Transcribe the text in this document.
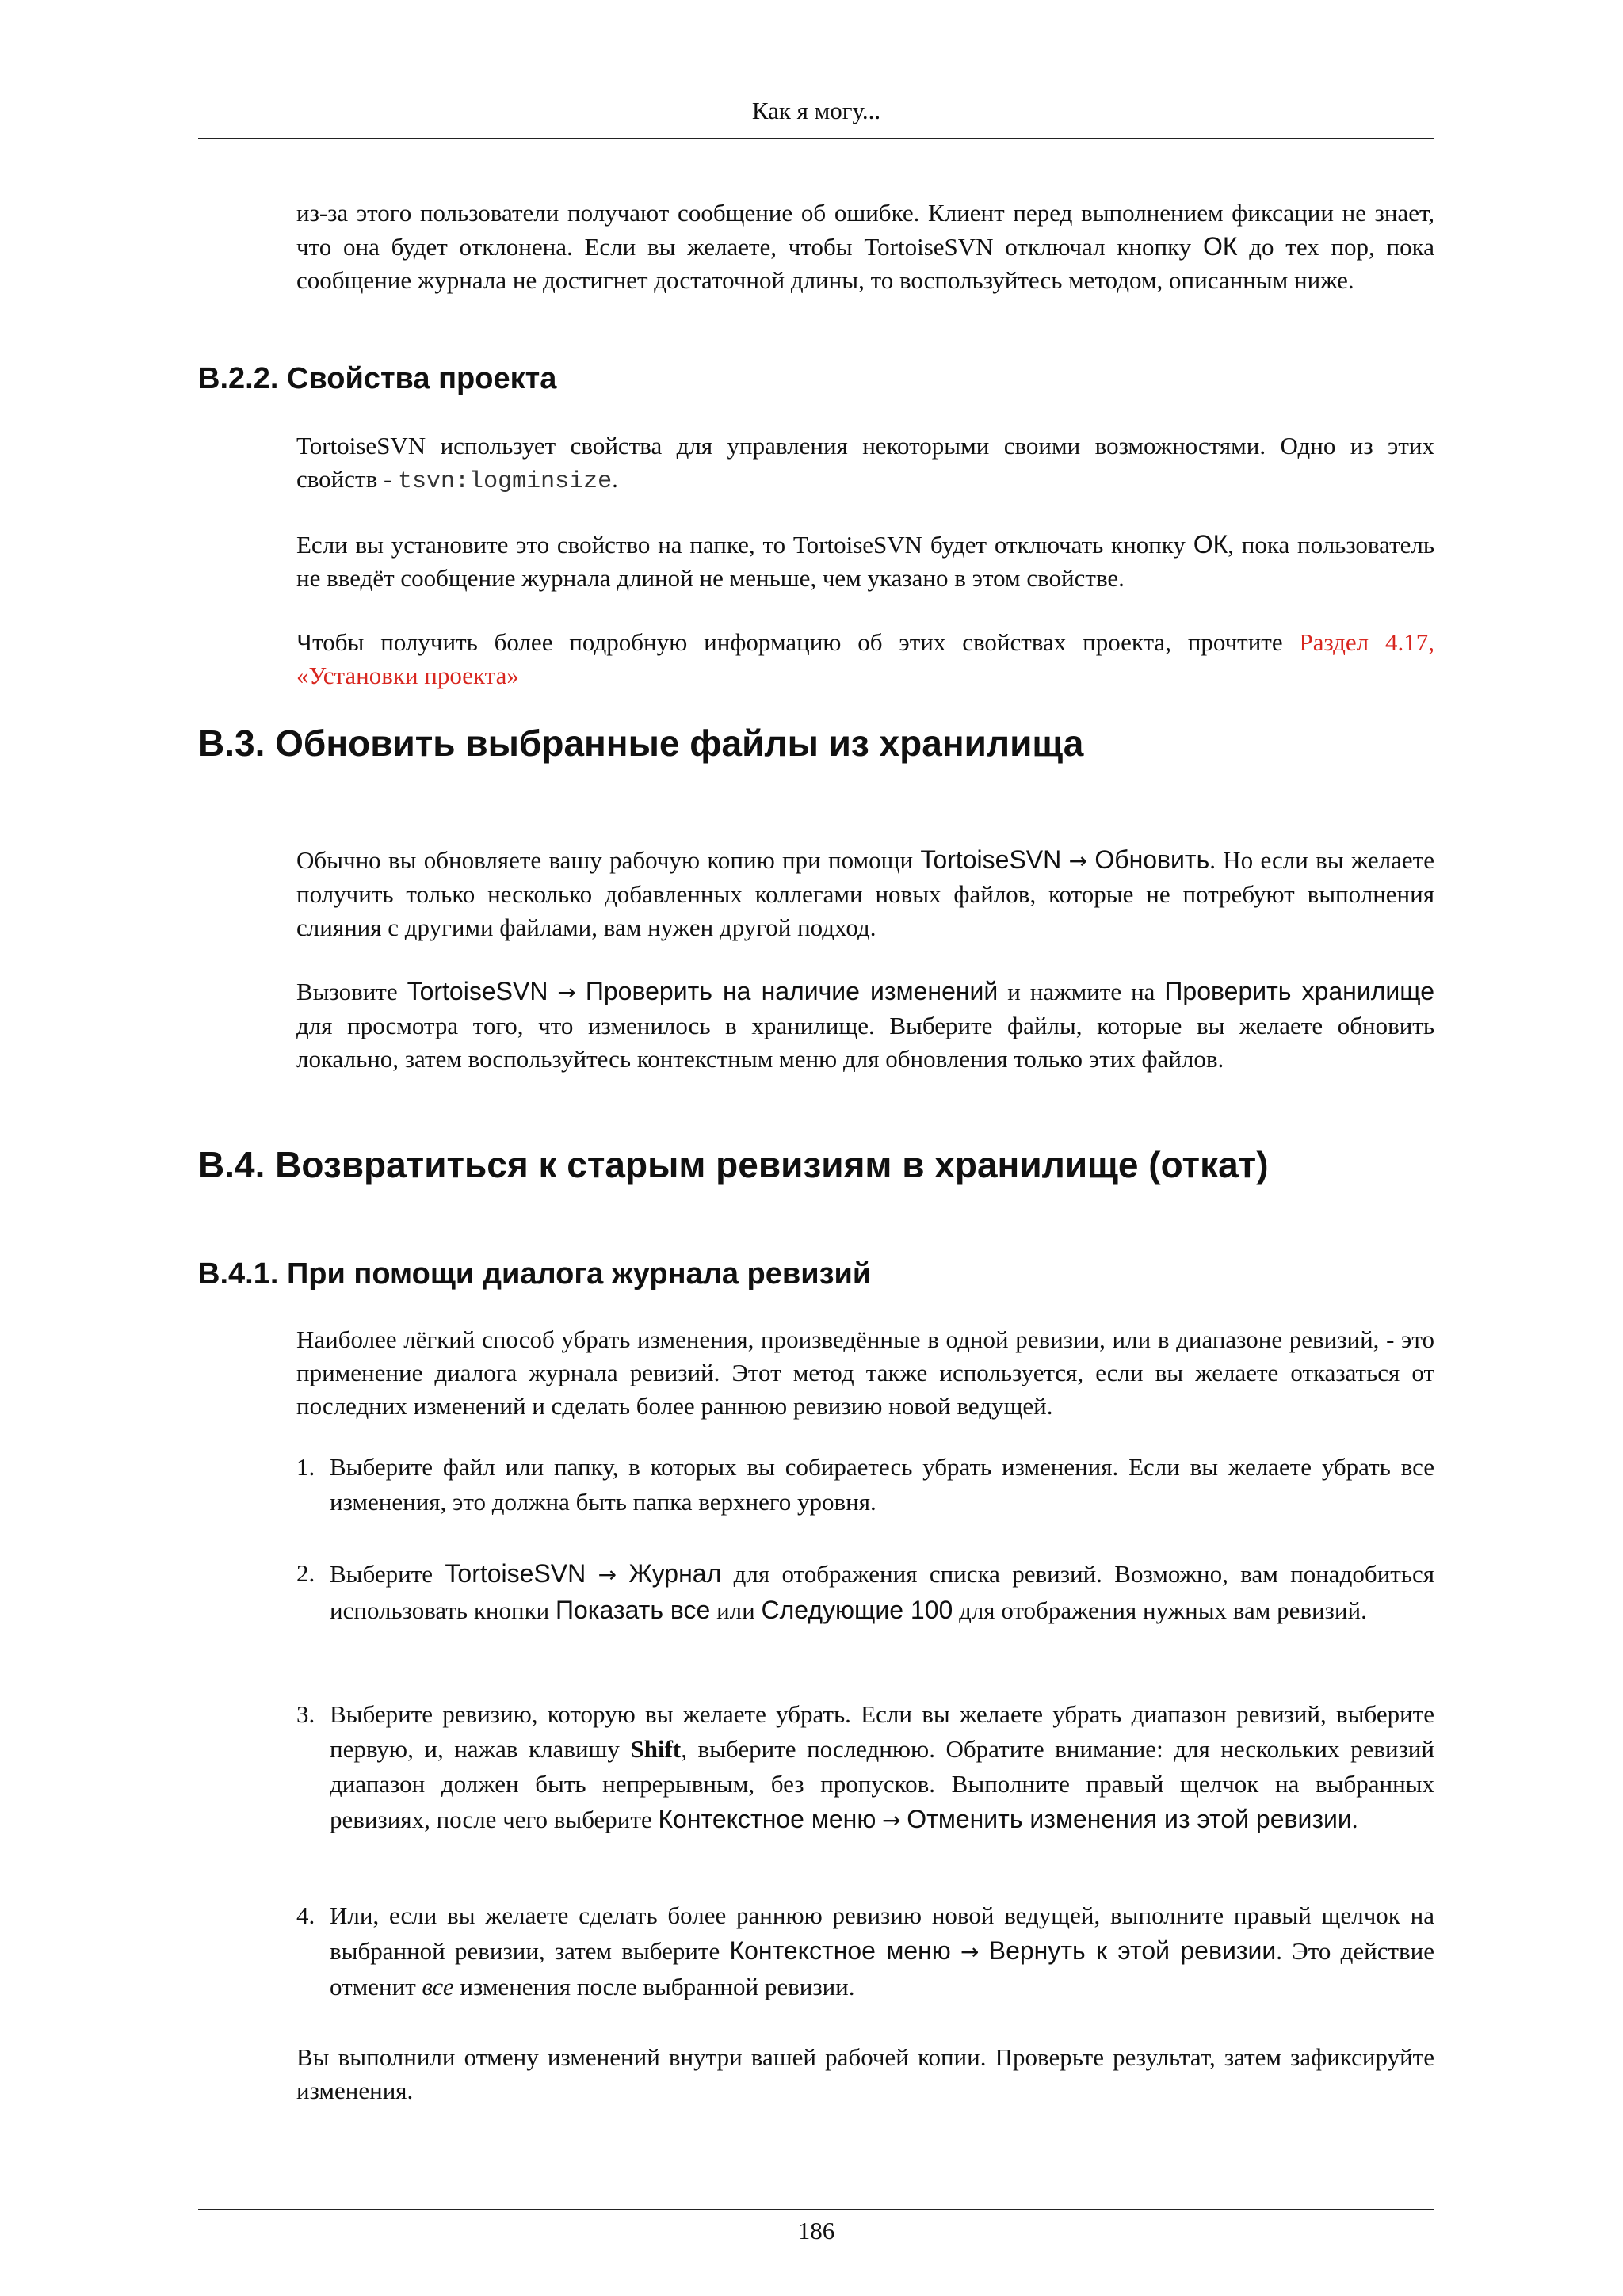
Как я могу...

из-за этого пользователи получают сообщение об ошибке. Клиент перед выполнением фиксации не знает, что она будет отклонена. Если вы желаете, чтобы TortoiseSVN отключал кнопку ОК до тех пор, пока сообщение журнала не достигнет достаточной длины, то воспользуйтесь методом, описанным ниже.

B.2.2. Свойства проекта

TortoiseSVN использует свойства для управления некоторыми своими возможностями. Одно из этих свойств - tsvn:logminsize.

Если вы установите это свойство на папке, то TortoiseSVN будет отключать кнопку ОК, пока пользователь не введёт сообщение журнала длиной не меньше, чем указано в этом свойстве.

Чтобы получить более подробную информацию об этих свойствах проекта, прочтите Раздел 4.17, «Установки проекта»

B.3. Обновить выбранные файлы из хранилища

Обычно вы обновляете вашу рабочую копию при помощи TortoiseSVN → Обновить. Но если вы желаете получить только несколько добавленных коллегами новых файлов, которые не потребуют выполнения слияния с другими файлами, вам нужен другой подход.

Вызовите TortoiseSVN → Проверить на наличие изменений и нажмите на Проверить хранилище для просмотра того, что изменилось в хранилище. Выберите файлы, которые вы желаете обновить локально, затем воспользуйтесь контекстным меню для обновления только этих файлов.

B.4. Возвратиться к старым ревизиям в хранилище (откат)
B.4.1. При помощи диалога журнала ревизий

Наиболее лёгкий способ убрать изменения, произведённые в одной ревизии, или в диапазоне ревизий, - это применение диалога журнала ревизий. Этот метод также используется, если вы желаете отказаться от последних изменений и сделать более раннюю ревизию новой ведущей.

1. Выберите файл или папку, в которых вы собираетесь убрать изменения. Если вы желаете убрать все изменения, это должна быть папка верхнего уровня.
2. Выберите TortoiseSVN → Журнал для отображения списка ревизий. Возможно, вам понадобиться использовать кнопки Показать все или Следующие 100 для отображения нужных вам ревизий.
3. Выберите ревизию, которую вы желаете убрать. Если вы желаете убрать диапазон ревизий, выберите первую, и, нажав клавишу Shift, выберите последнюю. Обратите внимание: для нескольких ревизий диапазон должен быть непрерывным, без пропусков. Выполните правый щелчок на выбранных ревизиях, после чего выберите Контекстное меню → Отменить изменения из этой ревизии.
4. Или, если вы желаете сделать более раннюю ревизию новой ведущей, выполните правый щелчок на выбранной ревизии, затем выберите Контекстное меню → Вернуть к этой ревизии. Это действие отменит все изменения после выбранной ревизии.

Вы выполнили отмену изменений внутри вашей рабочей копии. Проверьте результат, затем зафиксируйте изменения.

186
